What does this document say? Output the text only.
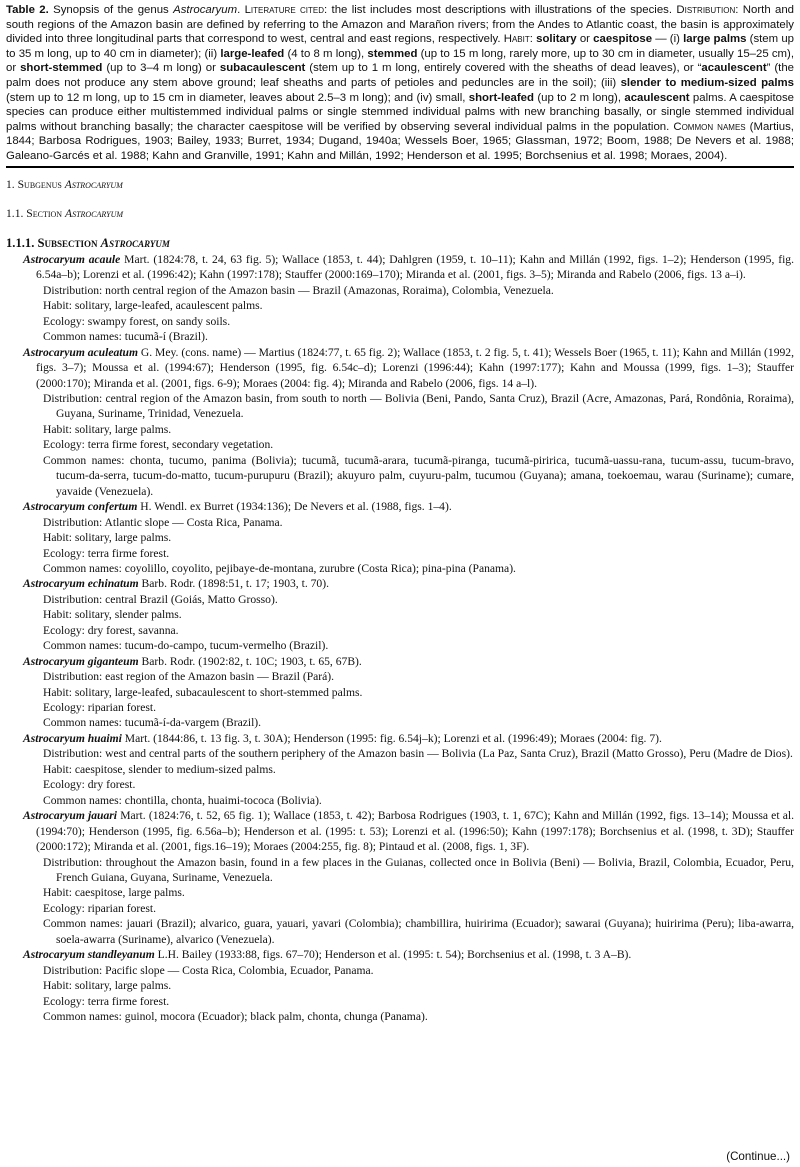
Table 2. Synopsis of the genus Astrocaryum. Literature cited: the list includes most descriptions with illustrations of the species. Distribution: North and south regions of the Amazon basin are defined by referring to the Amazon and Marañon rivers; from the Andes to Atlantic coast, the basin is approximately divided into three longitudinal parts that correspond to west, central and east regions, respectively. Habit: solitary or caespitose — (i) large palms (stem up to 35 m long, up to 40 cm in diameter); (ii) large-leafed (4 to 8 m long), stemmed (up to 15 m long, rarely more, up to 30 cm in diameter, usually 15–25 cm), or short-stemmed (up to 3–4 m long) or subacaulescent (stem up to 1 m long, entirely covered with the sheaths of dead leaves), or “acaulescent” (the palm does not produce any stem above ground; leaf sheaths and parts of petioles and peduncles are in the soil); (iii) slender to medium-sized palms (stem up to 12 m long, up to 15 cm in diameter, leaves about 2.5–3 m long); and (iv) small, short-leafed (up to 2 m long), acaulescent palms. A caespitose species can produce either multistemmed individual palms or single stemmed individual palms with new branching basally, or single stemmed individual palms without branching basally; the character caespitose will be verified by observing several individual palms in the population. Common names (Martius, 1844; Barbosa Rodrigues, 1903; Bailey, 1933; Burret, 1934; Dugand, 1940a; Wessels Boer, 1965; Glassman, 1972; Boom, 1988; De Nevers et al. 1988; Galeano-Garcés et al. 1988; Kahn and Granville, 1991; Kahn and Millán, 1992; Henderson et al. 1995; Borchsenius et al. 1998; Moraes, 2004).

1. Subgenus Astrocaryum
1.1. Section Astrocaryum
1.1.1. Subsection Astrocaryum

Astrocaryum acaule Mart. (1824:78, t. 24, 63 fig. 5); Wallace (1853, t. 44); Dahlgren (1959, t. 10–11); Kahn and Millán (1992, figs. 1–2); Henderson (1995, fig. 6.54a–b); Lorenzi et al. (1996:42); Kahn (1997:178); Stauffer (2000:169–170); Miranda et al. (2001, figs. 3–5); Miranda and Rabelo (2006, figs. 13 a–i).

Distribution: north central region of the Amazon basin — Brazil (Amazonas, Roraima), Colombia, Venezuela.

Habit: solitary, large-leafed, acaulescent palms.

Ecology: swampy forest, on sandy soils.

Common names: tucumã-í (Brazil).

Astrocaryum aculeatum G. Mey. (cons. name) — Martius (1824:77, t. 65 fig. 2); Wallace (1853, t. 2 fig. 5, t. 41); Wessels Boer (1965, t. 11); Kahn and Millán (1992, figs. 3–7); Moussa et al. (1994:67); Henderson (1995, fig. 6.54c–d); Lorenzi (1996:44); Kahn (1997:177); Kahn and Moussa (1999, figs. 1–3); Stauffer (2000:170); Miranda et al. (2001, figs. 6-9); Moraes (2004: fig. 4); Miranda and Rabelo (2006, figs. 14 a–l).

Distribution: central region of the Amazon basin, from south to north — Bolivia (Beni, Pando, Santa Cruz), Brazil (Acre, Amazonas, Pará, Rondônia, Roraima), Guyana, Suriname, Trinidad, Venezuela.

Habit: solitary, large palms.

Ecology: terra firme forest, secondary vegetation.

Common names: chonta, tucumo, panima (Bolivia); tucumã, tucumã-arara, tucumã-piranga, tucumã-piririca, tucumã-uassu-rana, tucum-assu, tucum-bravo, tucum-da-serra, tucum-do-matto, tucum-purupuru (Brazil); akuyuro palm, cuyuru-palm, tucumou (Guyana); amana, toekoemau, warau (Suriname); cumare, yavaide (Venezuela).

Astrocaryum confertum H. Wendl. ex Burret (1934:136); De Nevers et al. (1988, figs. 1–4).

Distribution: Atlantic slope — Costa Rica, Panama.

Habit: solitary, large palms.

Ecology: terra firme forest.

Common names: coyolillo, coyolito, pejibaye-de-montana, zurubre (Costa Rica); pina-pina (Panama).

Astrocaryum echinatum Barb. Rodr. (1898:51, t. 17; 1903, t. 70).

Distribution: central Brazil (Goiás, Matto Grosso).

Habit: solitary, slender palms.

Ecology: dry forest, savanna.

Common names: tucum-do-campo, tucum-vermelho (Brazil).

Astrocaryum giganteum Barb. Rodr. (1902:82, t. 10C; 1903, t. 65, 67B).

Distribution: east region of the Amazon basin — Brazil (Pará).

Habit: solitary, large-leafed, subacaulescent to short-stemmed palms.

Ecology: riparian forest.

Common names: tucumã-í-da-vargem (Brazil).

Astrocaryum huaimi Mart. (1844:86, t. 13 fig. 3, t. 30A); Henderson (1995: fig. 6.54j–k); Lorenzi et al. (1996:49); Moraes (2004: fig. 7).

Distribution: west and central parts of the southern periphery of the Amazon basin — Bolivia (La Paz, Santa Cruz), Brazil (Matto Grosso), Peru (Madre de Dios).

Habit: caespitose, slender to medium-sized palms.

Ecology: dry forest.

Common names: chontilla, chonta, huaimi-tococa (Bolivia).

Astrocaryum jauari Mart. (1824:76, t. 52, 65 fig. 1); Wallace (1853, t. 42); Barbosa Rodrigues (1903, t. 1, 67C); Kahn and Millán (1992, figs. 13–14); Moussa et al. (1994:70); Henderson (1995, fig. 6.56a–b); Henderson et al. (1995: t. 53); Lorenzi et al. (1996:50); Kahn (1997:178); Borchsenius et al. (1998, t. 3D); Stauffer (2000:172); Miranda et al. (2001, figs.16–19); Moraes (2004:255, fig. 8); Pintaud et al. (2008, figs. 1, 3F).

Distribution: throughout the Amazon basin, found in a few places in the Guianas, collected once in Bolivia (Beni) — Bolivia, Brazil, Colombia, Ecuador, Peru, French Guiana, Guyana, Suriname, Venezuela.

Habit: caespitose, large palms.

Ecology: riparian forest.

Common names: jauari (Brazil); alvarico, guara, yauari, yavari (Colombia); chambillira, huiririma (Ecuador); sawarai (Guyana); huiririma (Peru); liba-awarra, soela-awarra (Suriname), alvarico (Venezuela).

Astrocaryum standleyanum L.H. Bailey (1933:88, figs. 67–70); Henderson et al. (1995: t. 54); Borchsenius et al. (1998, t. 3 A–B).

Distribution: Pacific slope — Costa Rica, Colombia, Ecuador, Panama.

Habit: solitary, large palms.

Ecology: terra firme forest.

Common names: guinol, mocora (Ecuador); black palm, chonta, chunga (Panama).

(Continue...)
